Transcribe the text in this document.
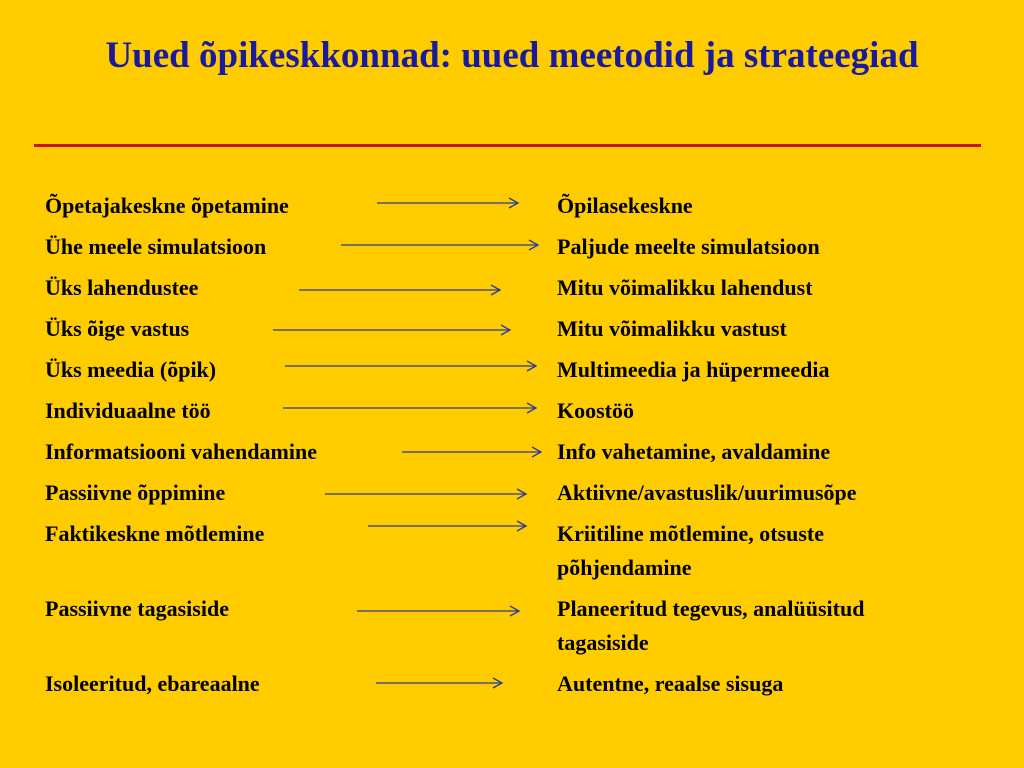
Uued õpikeskkonnad: uued meetodid ja strateegiad
Õpetajakeskne õpetamine	Õpilasekeskne
Ühe meele simulatsioon	Paljude meelte simulatsioon
Üks lahendustee	Mitu võimalikku lahendust
Üks õige vastus	Mitu võimalikku vastust
Üks meedia (õpik)	Multimeedia ja hüpermeedia
Individuaalne töö	Koostöö
Informatsiooni vahendamine	Info vahetamine, avaldamine
Passiivne õppimine	Aktiivne/avastuslik/uurimusõpe
Faktikeskne mõtlemine	Kriitiline mõtlemine, otsuste
põhjendamine
Passiivne tagasiside	Planeeritud tegevus, analüüsitud
tagasiside
Isoleeritud, ebareaalne	Autentne, reaalse sisuga
